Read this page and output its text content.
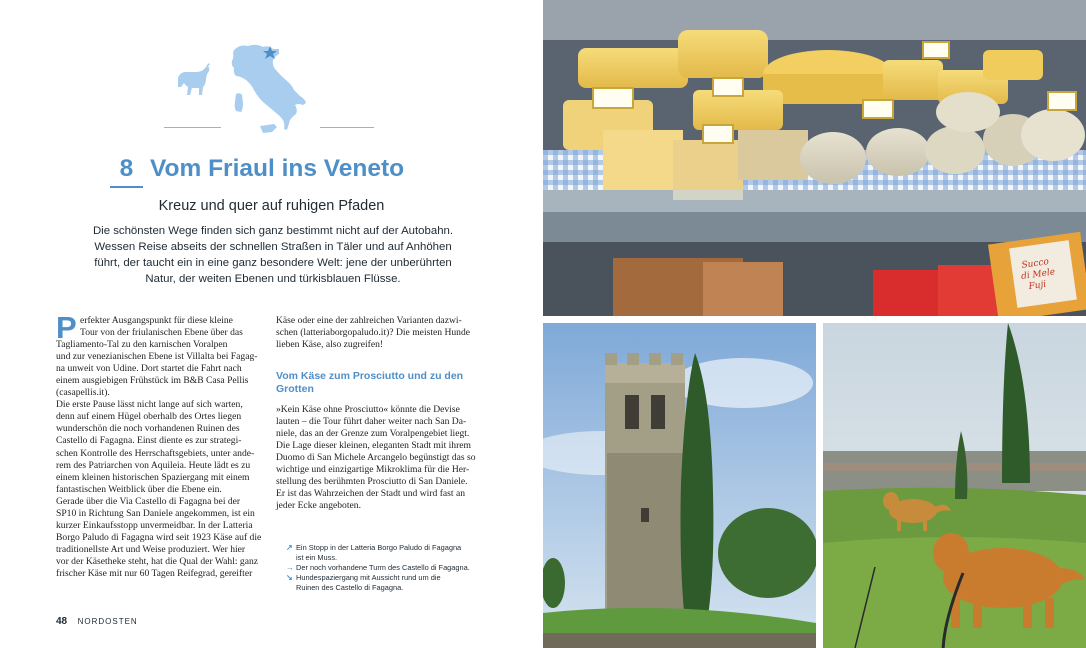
8 Vom Friaul ins Veneto
Kreuz und quer auf ruhigen Pfaden
Die schönsten Wege finden sich ganz bestimmt nicht auf der Autobahn.
Wessen Reise abseits der schnellen Straßen in Täler und auf Anhöhen
führt, der taucht ein in eine ganz besondere Welt: jene der unberührten
Natur, der weiten Ebenen und türkisblauen Flüsse.
P erfekter Ausgangspunkt für diese kleine
Tour von der friulanischen Ebene über das
Tagliamento-Tal zu den karnischen Voralpen
und zur venezianischen Ebene ist Villalta bei Fagag-
na unweit von Udine. Dort startet die Fahrt nach
einem ausgiebigen Frühstück im B&B Casa Pellis
(casapellis.it).
Die erste Pause lässt nicht lange auf sich warten,
denn auf einem Hügel oberhalb des Ortes liegen
wunderschön die noch vorhandenen Ruinen des
Castello di Fagagna. Einst diente es zur strategi-
schen Kontrolle des Herrschaftsgebiets, unter ande-
rem des Patriarchen von Aquileia. Heute lädt es zu
einem kleinen historischen Spaziergang mit einem
fantastischen Weitblick über die Ebene ein.
Gerade über die Via Castello di Fagagna bei der
SP10 in Richtung San Daniele angekommen, ist ein
kurzer Einkaufsstopp unvermeidbar. In der Latteria
Borgo Paludo di Fagagna wird seit 1923 Käse auf die
traditionellste Art und Weise produziert. Wer hier
vor der Käsetheke steht, hat die Qual der Wahl: ganz
frischer Käse mit nur 60 Tagen Reifegrad, gereifter
Käse oder eine der zahlreichen Varianten dazwi-
schen (latteriaborgopaludo.it)? Die meisten Hunde
lieben Käse, also zugreifen!
Vom Käse zum Prosciutto und zu den
Grotten
»Kein Käse ohne Prosciutto« könnte die Devise
lauten – die Tour führt daher weiter nach San Da-
niele, das an der Grenze zum Voralpengebiet liegt.
Die Lage dieser kleinen, eleganten Stadt mit ihrem
Duomo di San Michele Arcangelo begünstigt das so
wichtige und einzigartige Mikroklima für die Her-
stellung des berühmten Prosciutto di San Daniele.
Er ist das Wahrzeichen der Stadt und wird fast an
jeder Ecke angeboten.
↗ Ein Stopp in der Latteria Borgo Paludo di Fagagna
ist ein Muss.
→ Der noch vorhandene Turm des Castello di Fagagna.
↘ Hundespaziergang mit Aussicht rund um die
Ruinen des Castello di Fagagna.
48 NORDOSTEN
Succo
di Mele
Fuji
